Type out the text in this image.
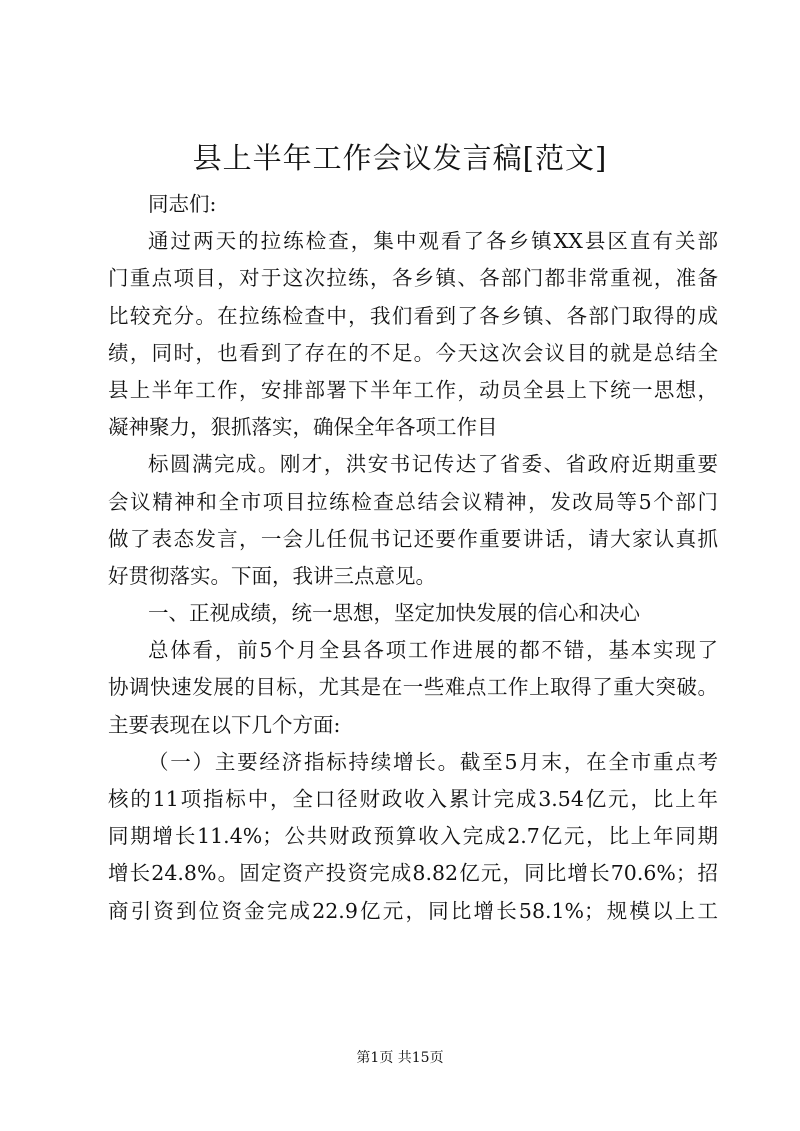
县上半年工作会议发言稿[范文]
同志们:
通过两天的拉练检查，集中观看了各乡镇XX县区直有关部
门重点项目，对于这次拉练，各乡镇、各部门都非常重视，准备
比较充分。在拉练检查中，我们看到了各乡镇、各部门取得的成
绩，同时，也看到了存在的不足。今天这次会议目的就是总结全
县上半年工作，安排部署下半年工作，动员全县上下统一思想，
凝神聚力，狠抓落实，确保全年各项工作目
标圆满完成。刚才，洪安书记传达了省委、省政府近期重要
会议精神和全市项目拉练检查总结会议精神，发改局等5个部门
做了表态发言，一会儿任侃书记还要作重要讲话，请大家认真抓
好贯彻落实。下面，我讲三点意见。
一、正视成绩，统一思想，坚定加快发展的信心和决心
总体看，前5个月全县各项工作进展的都不错，基本实现了
协调快速发展的目标，尤其是在一些难点工作上取得了重大突破。
主要表现在以下几个方面:
（一）主要经济指标持续增长。截至5月末，在全市重点考
核的11项指标中，全口径财政收入累计完成3.54亿元，比上年
同期增长11.4%；公共财政预算收入完成2.7亿元，比上年同期
增长24.8%。固定资产投资完成8.82亿元，同比增长70.6%；招
商引资到位资金完成22.9亿元，同比增长58.1%；规模以上工
第1页 共15页
